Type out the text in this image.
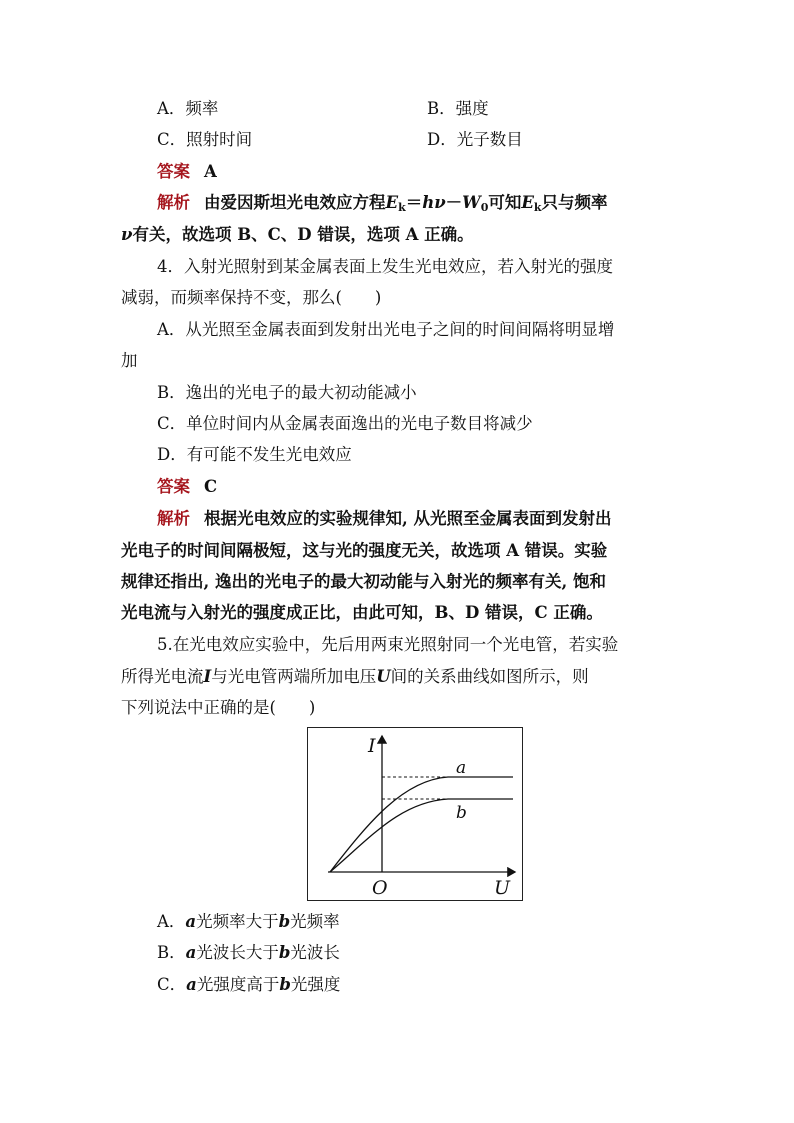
A．频率	B．强度
C．照射时间	D．光子数目
答案 A
解析 由爱因斯坦光电效应方程$E_k=h\nu-W_0$可知$E_k$只与频率
ν有关，故选项 B、C、D 错误，选项 A 正确。
4．入射光照射到某金属表面上发生光电效应，若入射光的强度
减弱，而频率保持不变，那么(　　)
A．从光照至金属表面到发射出光电子之间的时间间隔将明显增
加
B．逸出的光电子的最大初动能减小
C．单位时间内从金属表面逸出的光电子数目将减少
D．有可能不发生光电效应
答案 C
解析 根据光电效应的实验规律知, 从光照至金属表面到发射出
光电子的时间间隔极短，这与光的强度无关，故选项 A 错误。实验
规律还指出, 逸出的光电子的最大初动能与入射光的频率有关, 饱和
光电流与入射光的强度成正比，由此可知，B、D 错误，C 正确。
5.在光电效应实验中，先后用两束光照射同一个光电管，若实验
所得光电流I与光电管两端所加电压U间的关系曲线如图所示，则
下列说法中正确的是(　　)
I
U
O
a
b
A．a光频率大于b光频率
B．a光波长大于b光波长
C．a光强度高于b光强度
